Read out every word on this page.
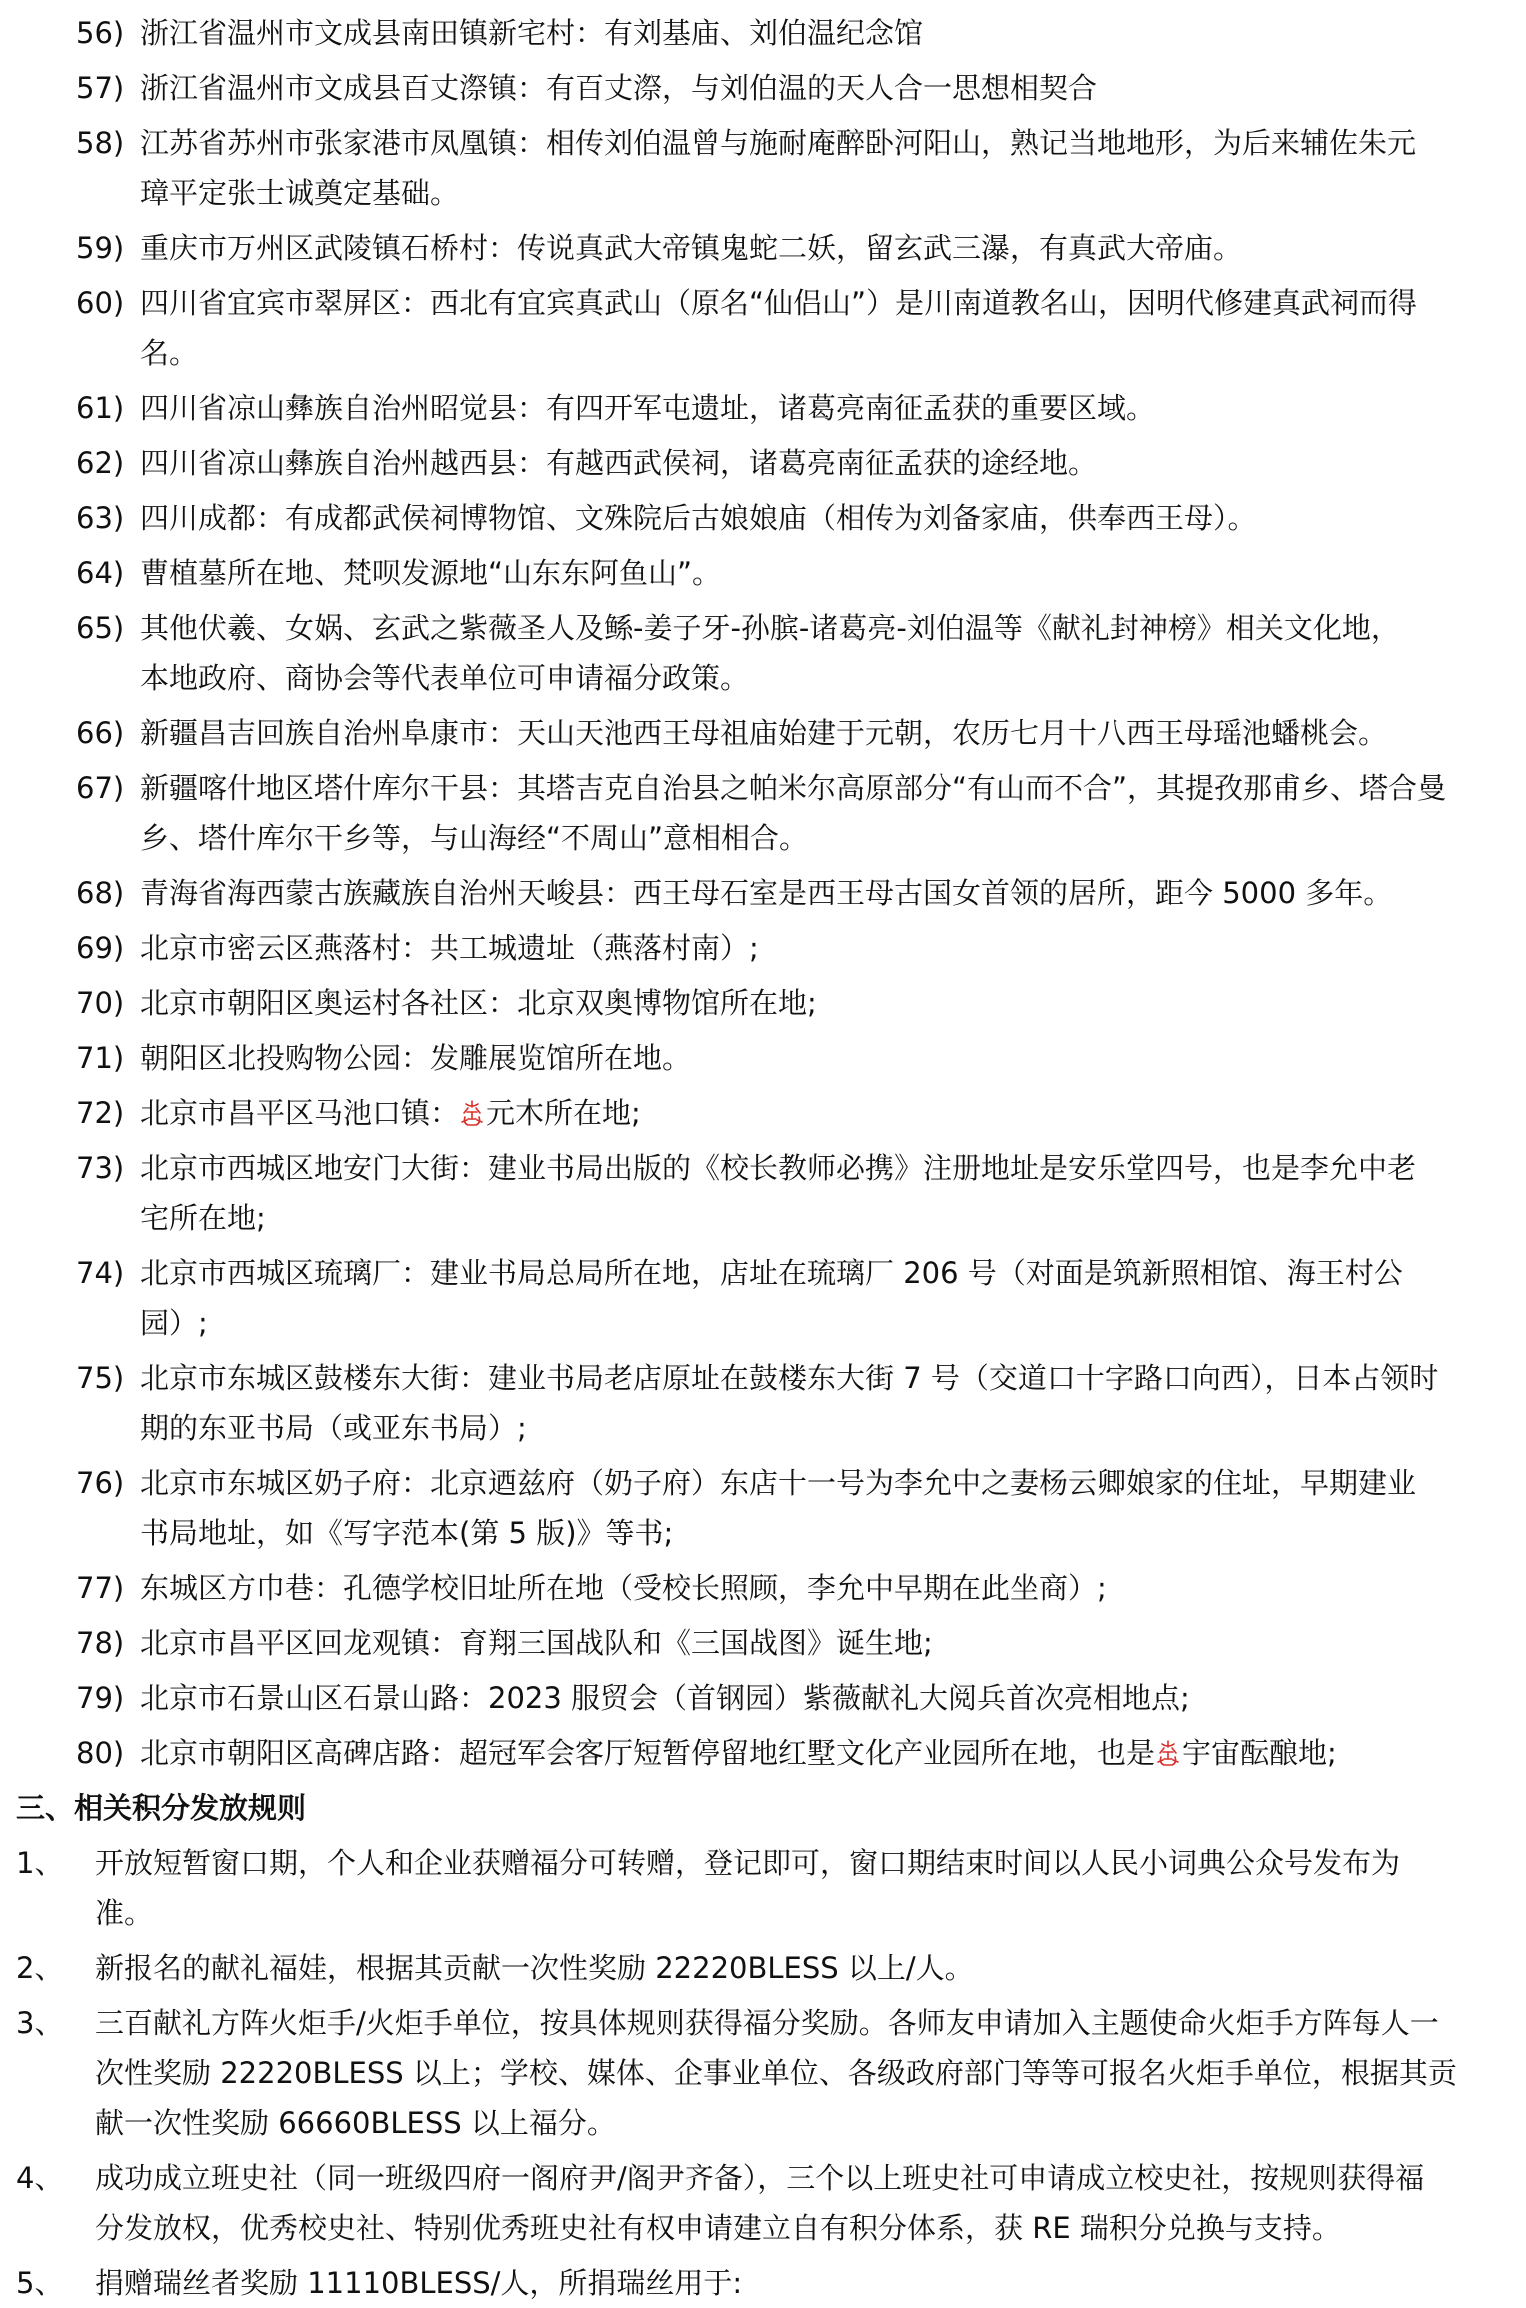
56) 浙江省温州市文成县南田镇新宅村：有刘基庙、刘伯温纪念馆
57) 浙江省温州市文成县百丈漈镇：有百丈漈，与刘伯温的天人合一思想相契合
58) 江苏省苏州市张家港市凤凰镇：相传刘伯温曾与施耐庵醉卧河阳山，熟记当地地形，为后来辅佐朱元
璋平定张士诚奠定基础。
59) 重庆市万州区武陵镇石桥村：传说真武大帝镇鬼蛇二妖，留玄武三瀑，有真武大帝庙。
60) 四川省宜宾市翠屏区：西北有宜宾真武山（原名“仙侣山”）是川南道教名山，因明代修建真武祠而得
名。
61) 四川省凉山彝族自治州昭觉县：有四开军屯遗址，诸葛亮南征孟获的重要区域。
62) 四川省凉山彝族自治州越西县：有越西武侯祠，诸葛亮南征孟获的途经地。
63) 四川成都：有成都武侯祠博物馆、文殊院后古娘娘庙（相传为刘备家庙，供奉西王母）。
64) 曹植墓所在地、梵呗发源地“山东东阿鱼山”。
65) 其他伏羲、女娲、玄武之紫薇圣人及鲧-姜子牙-孙膑-诸葛亮-刘伯温等《献礼封神榜》相关文化地，
本地政府、商协会等代表单位可申请福分政策。
66) 新疆昌吉回族自治州阜康市：天山天池西王母祖庙始建于元朝，农历七月十八西王母瑶池蟠桃会。
67) 新疆喀什地区塔什库尔干县：其塔吉克自治县之帕米尔高原部分“有山而不合”，其提孜那甫乡、塔合曼
乡、塔什库尔干乡等，与山海经“不周山”意相相合。
68) 青海省海西蒙古族藏族自治州天峻县：西王母石室是西王母古国女首领的居所，距今 5000 多年。
69) 北京市密云区燕落村：共工城遗址（燕落村南）;
70) 北京市朝阳区奥运村各社区：北京双奥博物馆所在地;
71) 朝阳区北投购物公园：发雕展览馆所在地。
72) 北京市昌平区马池口镇： 元木所在地;
73) 北京市西城区地安门大街：建业书局出版的《校长教师必携》注册地址是安乐堂四号，也是李允中老
宅所在地;
74) 北京市西城区琉璃厂：建业书局总局所在地，店址在琉璃厂 206 号（对面是筑新照相馆、海王村公
园）;
75) 北京市东城区鼓楼东大街：建业书局老店原址在鼓楼东大街 7 号（交道口十字路口向西），日本占领时
期的东亚书局（或亚东书局）;
76) 北京市东城区奶子府：北京迺兹府（奶子府）东店十一号为李允中之妻杨云卿娘家的住址，早期建业
书局地址，如《写字范本(第 5 版)》等书;
77) 东城区方巾巷：孔德学校旧址所在地（受校长照顾，李允中早期在此坐商）;
78) 北京市昌平区回龙观镇：育翔三国战队和《三国战图》诞生地;
79) 北京市石景山区石景山路：2023 服贸会（首钢园）紫薇献礼大阅兵首次亮相地点;
80) 北京市朝阳区高碑店路：超冠军会客厅短暂停留地红墅文化产业园所在地，也是 宇宙酝酿地;
三、相关积分发放规则
1、 开放短暂窗口期，个人和企业获赠福分可转赠，登记即可，窗口期结束时间以人民小词典公众号发布为
准。
2、 新报名的献礼福娃，根据其贡献一次性奖励 22220BLESS 以上/人。
3、 三百献礼方阵火炬手/火炬手单位，按具体规则获得福分奖励。各师友申请加入主题使命火炬手方阵每人一
次性奖励 22220BLESS 以上；学校、媒体、企事业单位、各级政府部门等等可报名火炬手单位，根据其贡
献一次性奖励 66660BLESS 以上福分。
4、 成功成立班史社（同一班级四府一阁府尹/阁尹齐备），三个以上班史社可申请成立校史社，按规则获得福
分发放权，优秀校史社、特别优秀班史社有权申请建立自有积分体系，获 RE 瑞积分兑换与支持。
5、 捐赠瑞丝者奖励 11110BLESS/人，所捐瑞丝用于:
